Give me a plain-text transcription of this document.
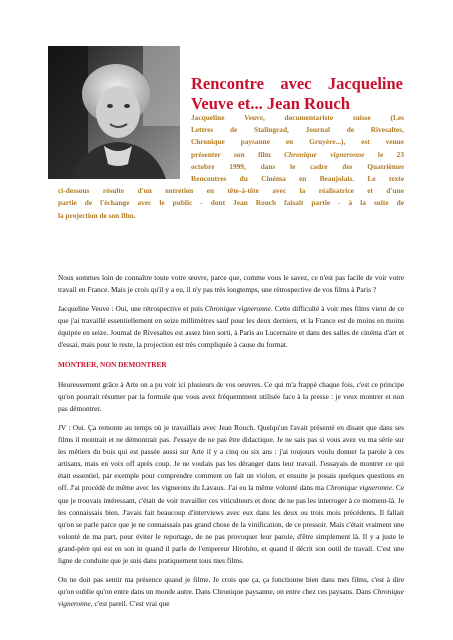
Rencontre avec Jacqueline
Veuve et... Jean Rouch
Jacqueline Veuve, documentariste suisse (Les
Lettres de Stalingrad, Journal de Rivesaltes,
Chronique paysanne en Gruyère...), est venue
présenter son film Chronique vigneronne le 23
octobre 1999, dans le cadre des Quatrièmes
Rencontres du Cinéma en Beaujolais. Le texte
ci-dessous résulte d'un entretien en tête-à-tête avec la réalisatrice et d'une
partie de l'échange avec le public - dont Jean Rouch faisait partie - à la suite de
la projection de son film.

Nous sommes loin de connaître toute votre œuvre, parce que, comme vous le savez, ce n'est pas facile de voir votre travail en France. Mais je crois qu'il y a eu, il n'y pas très longtemps, une rétrospective de vos films à Paris ?

Jacqueline Veuve : Oui, une rétrospective et puis Chronique vigneronne. Cette difficulté à voir mes films vient de ce que j'ai travaillé essentiellement en seize millimètres sauf pour les deux derniers, et la France est de moins en moins équipée en seize. Journal de Rivesaltes est assez bien sorti, à Paris au Lucernaire et dans des salles de cinéma d'art et d'essai, mais pour le reste, la projection est très compliquée à cause du format.

MONTRER, NON DEMONTRER

Heureusement grâce à Arte on a pu voir ici plusieurs de vos oeuvres. Ce qui m'a frappé chaque fois, c'est ce principe qu'on pourrait résumer par la formule que vous avez fréquemment utilisée face à la presse : je veux montrer et non pas démontrer.

JV : Oui. Ça remonte au temps où je travaillais avec Jean Rouch. Quelqu'un l'avait présenté en disant que dans ses films il montrait et ne démontrait pas. J'essaye de ne pas être didactique. Je ne sais pas si vous avez vu ma série sur les métiers du bois qui est passée aussi sur Arte il y a cinq ou six ans : j'ai toujours voulu donner la parole à ces artisans, mais en voix off après coup. Je ne voulais pas les déranger dans leur travail. J'essayais de montrer ce qui était essentiel, par exemple pour comprendre comment on fait un violon, et ensuite je posais quelques questions en off. J'ai procédé de même avec les vignerons du Lavaux. J'ai eu la même volonté dans ma Chronique vigneronne. Ce que je trouvais intéressant, c'était de voir travailler ces viticulteurs et donc de ne pas les interroger à ce moment-là. Je les connaissais bien. J'avais fait beaucoup d'interviews avec eux dans les deux ou trois mois précédents. Il fallait qu'on se parle parce que je ne connaissais pas grand chose de la vinification, de ce pressoir. Mais c'était vraiment une volonté de ma part, pour éviter le reportage, de ne pas provoquer leur parole, d'être simplement là. Il y a juste le grand-père qui est en son in quand il parle de l'empereur Hirohito, et quand il décrit son outil de travail. C'est une ligne de conduite que je suis dans pratiquement tous mes films.

On ne doit pas sentir ma présence quand je filme. Je crois que ça, ça fonctionne bien dans mes films, c'est à dire qu'on oublie qu'on entre dans un monde autre. Dans Chronique paysanne, on entre chez ces paysans. Dans Chronique vigneronne, c'est pareil. C'est vrai que
